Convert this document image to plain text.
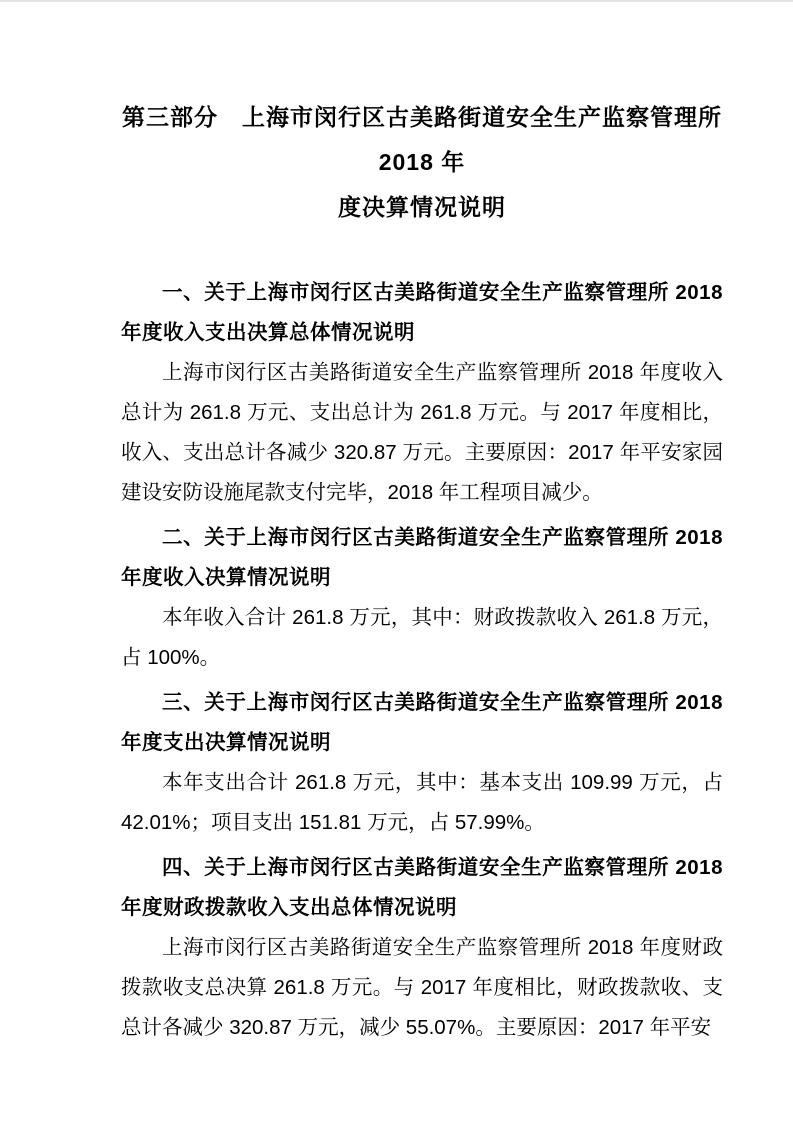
第三部分　上海市闵行区古美路街道安全生产监察管理所 2018 年
度决算情况说明
一、关于上海市闵行区古美路街道安全生产监察管理所 2018 年度收入支出决算总体情况说明

上海市闵行区古美路街道安全生产监察管理所 2018 年度收入总计为 261.8 万元、支出总计为 261.8 万元。与 2017 年度相比，收入、支出总计各减少 320.87 万元。主要原因：2017 年平安家园建设安防设施尾款支付完毕，2018 年工程项目减少。

二、关于上海市闵行区古美路街道安全生产监察管理所 2018 年度收入决算情况说明

本年收入合计 261.8 万元，其中：财政拨款收入 261.8 万元，占 100%。

三、关于上海市闵行区古美路街道安全生产监察管理所 2018 年度支出决算情况说明

本年支出合计 261.8 万元，其中：基本支出 109.99 万元，占 42.01%；项目支出 151.81 万元，占 57.99%。

四、关于上海市闵行区古美路街道安全生产监察管理所 2018 年度财政拨款收入支出总体情况说明

上海市闵行区古美路街道安全生产监察管理所 2018 年度财政拨款收支总决算 261.8 万元。与 2017 年度相比，财政拨款收、支总计各减少 320.87 万元，减少 55.07%。主要原因：2017 年平安
